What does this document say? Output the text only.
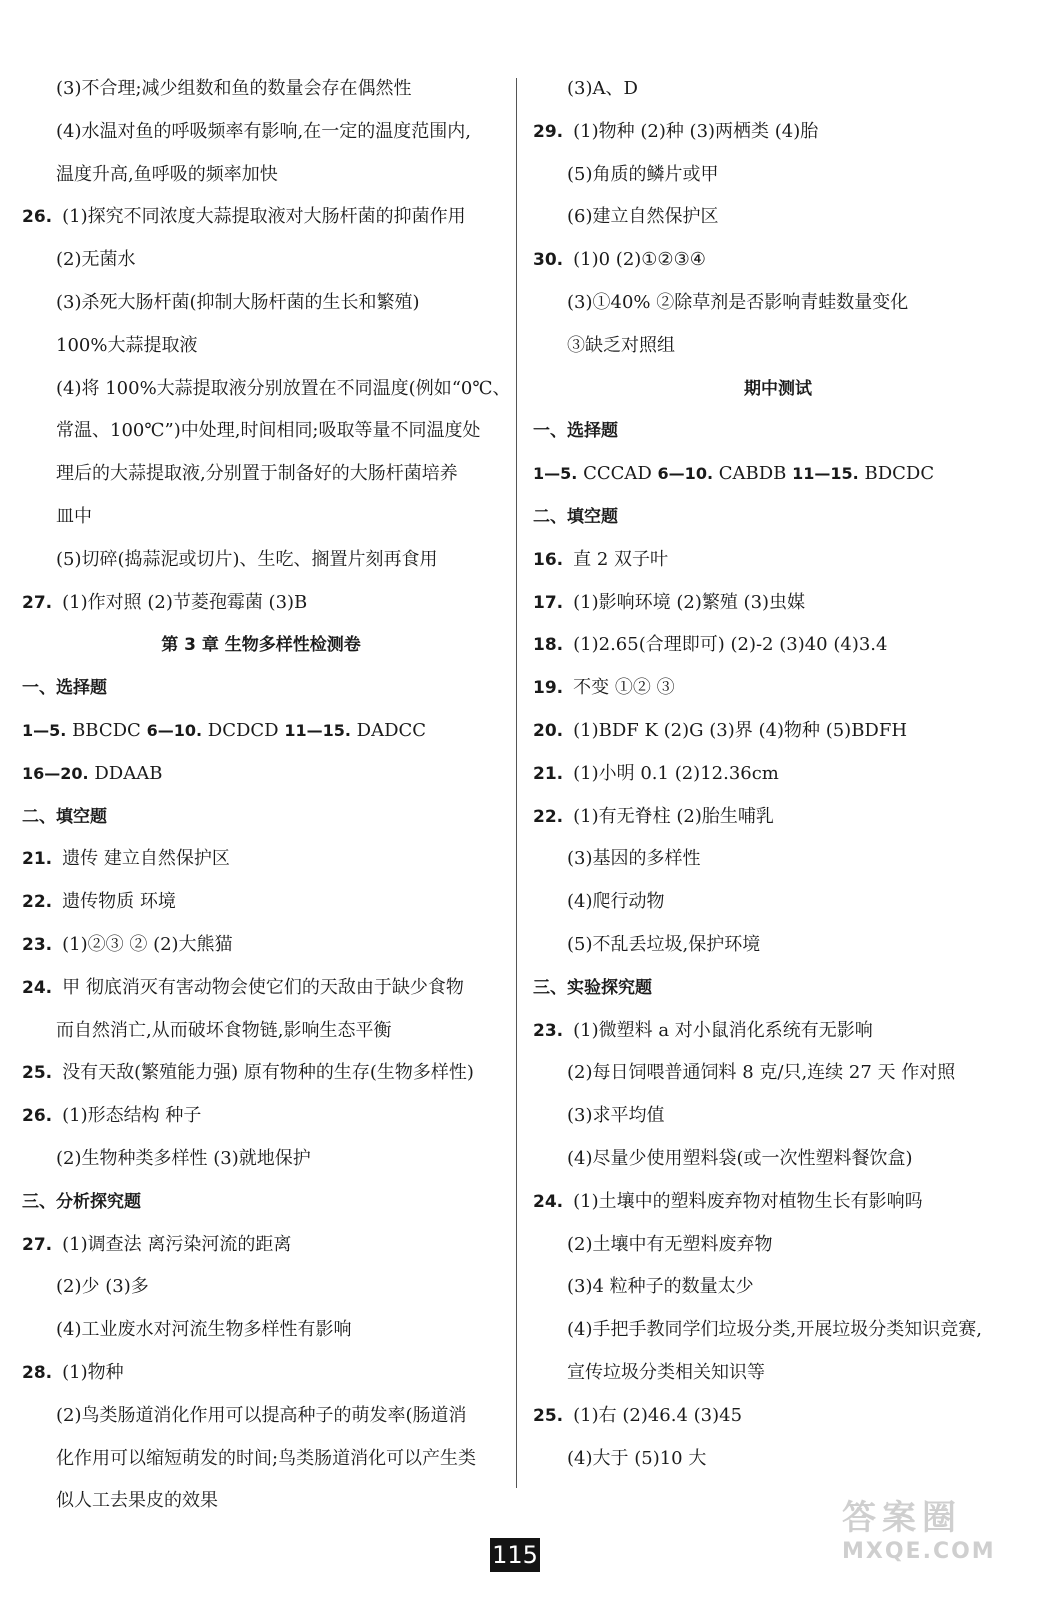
(3)不合理;减少组数和鱼的数量会存在偶然性
(4)水温对鱼的呼吸频率有影响,在一定的温度范围内,
温度升高,鱼呼吸的频率加快
26. (1)探究不同浓度大蒜提取液对大肠杆菌的抑菌作用
(2)无菌水
(3)杀死大肠杆菌(抑制大肠杆菌的生长和繁殖)
100%大蒜提取液
(4)将 100%大蒜提取液分别放置在不同温度(例如“0℃、
常温、100℃”)中处理,时间相同;吸取等量不同温度处
理后的大蒜提取液,分别置于制备好的大肠杆菌培养
皿中
(5)切碎(捣蒜泥或切片)、生吃、搁置片刻再食用
27. (1)作对照 (2)节菱孢霉菌 (3)B
第 3 章 生物多样性检测卷
一、选择题
1—5. BBCDC 6—10. DCDCD 11—15. DADCC
16—20. DDAAB
二、填空题
21. 遗传 建立自然保护区
22. 遗传物质 环境
23. (1)②③ ② (2)大熊猫
24. 甲 彻底消灭有害动物会使它们的天敌由于缺少食物
而自然消亡,从而破坏食物链,影响生态平衡
25. 没有天敌(繁殖能力强) 原有物种的生存(生物多样性)
26. (1)形态结构 种子
(2)生物种类多样性 (3)就地保护
三、分析探究题
27. (1)调查法 离污染河流的距离
(2)少 (3)多
(4)工业废水对河流生物多样性有影响
28. (1)物种
(2)鸟类肠道消化作用可以提高种子的萌发率(肠道消
化作用可以缩短萌发的时间;鸟类肠道消化可以产生类
似人工去果皮的效果
(3)A、D
29. (1)物种 (2)种 (3)两栖类 (4)胎
(5)角质的鳞片或甲
(6)建立自然保护区
30. (1)0 (2)①②③④
(3)①40% ②除草剂是否影响青蛙数量变化
③缺乏对照组
期中测试
一、选择题
1—5. CCCAD 6—10. CABDB 11—15. BDCDC
二、填空题
16. 直 2 双子叶
17. (1)影响环境 (2)繁殖 (3)虫媒
18. (1)2.65(合理即可) (2)-2 (3)40 (4)3.4
19. 不变 ①② ③
20. (1)BDF K (2)G (3)界 (4)物种 (5)BDFH
21. (1)小明 0.1 (2)12.36cm
22. (1)有无脊柱 (2)胎生哺乳
(3)基因的多样性
(4)爬行动物
(5)不乱丢垃圾,保护环境
三、实验探究题
23. (1)微塑料 a 对小鼠消化系统有无影响
(2)每日饲喂普通饲料 8 克/只,连续 27 天 作对照
(3)求平均值
(4)尽量少使用塑料袋(或一次性塑料餐饮盒)
24. (1)土壤中的塑料废弃物对植物生长有影响吗
(2)土壤中有无塑料废弃物
(3)4 粒种子的数量太少
(4)手把手教同学们垃圾分类,开展垃圾分类知识竞赛,
宣传垃圾分类相关知识等
25. (1)右 (2)46.4 (3)45
(4)大于 (5)10 大
115
答案圈
MXQE.COM
